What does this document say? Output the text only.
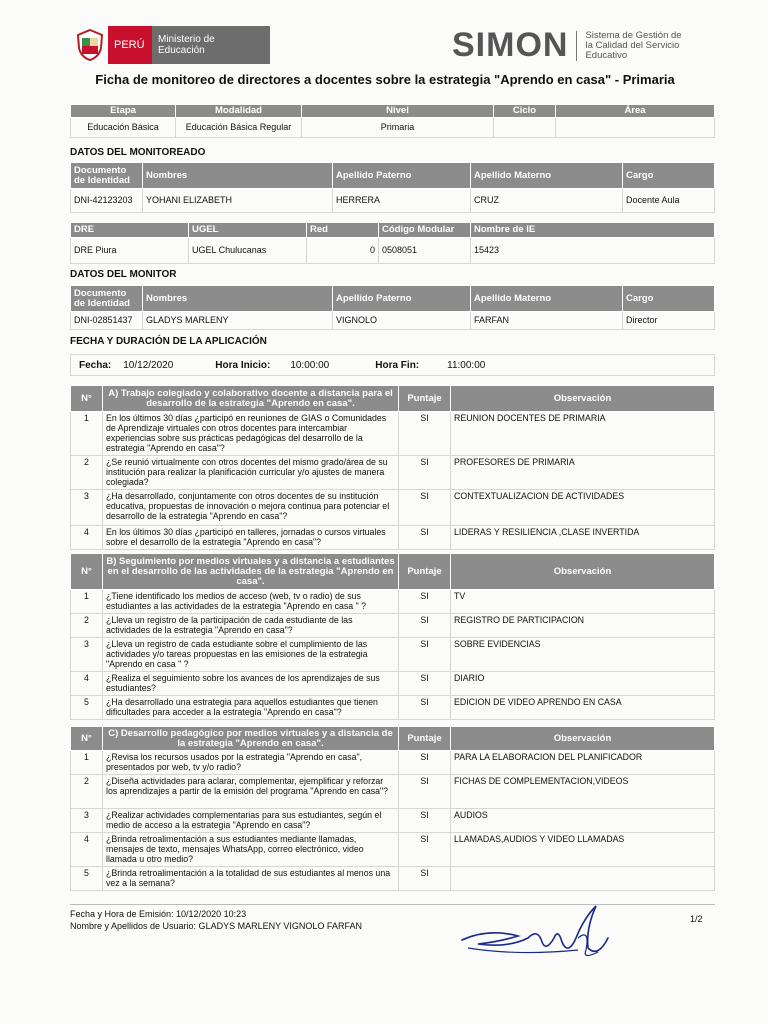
PERÚ	Ministerio de Educación	SIMON	Sistema de Gestión de la Calidad del Servicio Educativo
Ficha de monitoreo de directores a docentes sobre la estrategia "Aprendo en casa" - Primaria
Etapa	Modalidad	Nivel	Ciclo	Área
Educación Básica	Educación Básica Regular	Primaria		
DATOS DEL MONITOREADO
Documento de Identidad	Nombres	Apellido Paterno	Apellido Materno	Cargo
DNI-42123203	YOHANI ELIZABETH	HERRERA	CRUZ	Docente Aula
DRE	UGEL	Red	Código Modular	Nombre de IE
DRE Piura	UGEL Chulucanas	0	0508051	15423
DATOS DEL MONITOR
Documento de Identidad	Nombres	Apellido Paterno	Apellido Materno	Cargo
DNI-02851437	GLADYS MARLENY	VIGNOLO	FARFAN	Director
FECHA Y DURACIÓN DE LA APLICACIÓN
Fecha: 10/12/2020	Hora Inicio: 10:00:00	Hora Fin:	11:00:00
N°	A) Trabajo colegiado y colaborativo docente a distancia para el desarrollo de la estrategia "Aprendo en casa".	Puntaje	Observación
1	En los últimos 30 días ¿participó en reuniones de GIAS o Comunidades de Aprendizaje virtuales con otros docentes para intercambiar experiencias sobre sus prácticas pedagógicas del desarrollo de la estrategia "Aprendo en casa"?	SI	REUNION DOCENTES DE PRIMARIA
2	¿Se reunió virtualmente con otros docentes del mismo grado/área de su institución para realizar la planificación curricular y/o ajustes de manera colegiada?	SI	PROFESORES DE PRIMARIA
3	¿Ha desarrollado, conjuntamente con otros docentes de su institución educativa, propuestas de innovación o mejora continua para potenciar el desarrollo de la estrategia "Aprendo en casa"?	SI	CONTEXTUALIZACION DE ACTIVIDADES
4	En los últimos 30 días ¿participó en talleres, jornadas o cursos virtuales sobre el desarrollo de la estrategia "Aprendo en casa"?	SI	LIDERAS Y RESILIENCIA ,CLASE INVERTIDA
N°	B) Seguimiento por medios virtuales y a distancia a estudiantes en el desarrollo de las actividades de la estrategia "Aprendo en casa".	Puntaje	Observación
1	¿Tiene identificado los medios de acceso (web, tv o radio) de sus estudiantes a las actividades de la estrategia "Aprendo en casa " ?	SI	TV
2	¿Lleva un registro de la participación de cada estudiante de las actividades de la estrategia "Aprendo en casa"?	SI	REGISTRO DE PARTICIPACION
3	¿Lleva un registro de cada estudiante sobre el cumplimiento de las actividades y/o tareas propuestas en las emisiones de la estrategia "Aprendo en casa " ?	SI	SOBRE EVIDENCIAS
4	¿Realiza el seguimiento sobre los avances de los aprendizajes de sus estudiantes?	SI	DIARIO
5	¿Ha desarrollado una estrategia para aquellos estudiantes que tienen dificultades para acceder a la estrategia "Aprendo en casa"?	SI	EDICION DE VIDEO APRENDO EN CASA
N°	C) Desarrollo pedagógico por medios virtuales y a distancia de la estrategia "Aprendo en casa".	Puntaje	Observación
1	¿Revisa los recursos usados por la estrategia "Aprendo en casa", presentados por web, tv y/o radio?	SI	PARA LA ELABORACION DEL PLANIFICADOR
2	¿Diseña actividades para aclarar, complementar, ejemplificar y reforzar los aprendizajes a partir de la emisión del programa "Aprendo en casa"?	SI	FICHAS DE COMPLEMENTACION,VIDEOS
3	¿Realizar actividades complementarias para sus estudiantes, según el medio de acceso a la estrategia "Aprendo en casa"?	SI	AUDIOS
4	¿Brinda retroalimentación a sus estudiantes mediante llamadas, mensajes de texto, mensajes WhatsApp, correo electrónico, video llamada u otro medio?	SI	LLAMADAS,AUDIOS Y VIDEO LLAMADAS
5	¿Brinda retroalimentación a la totalidad de sus estudiantes al menos una vez a la semana?	SI	
Fecha y Hora de Emisión: 10/12/2020 10:23
Nombre y Apellidos de Usuario: GLADYS MARLENY VIGNOLO FARFAN
1/2
